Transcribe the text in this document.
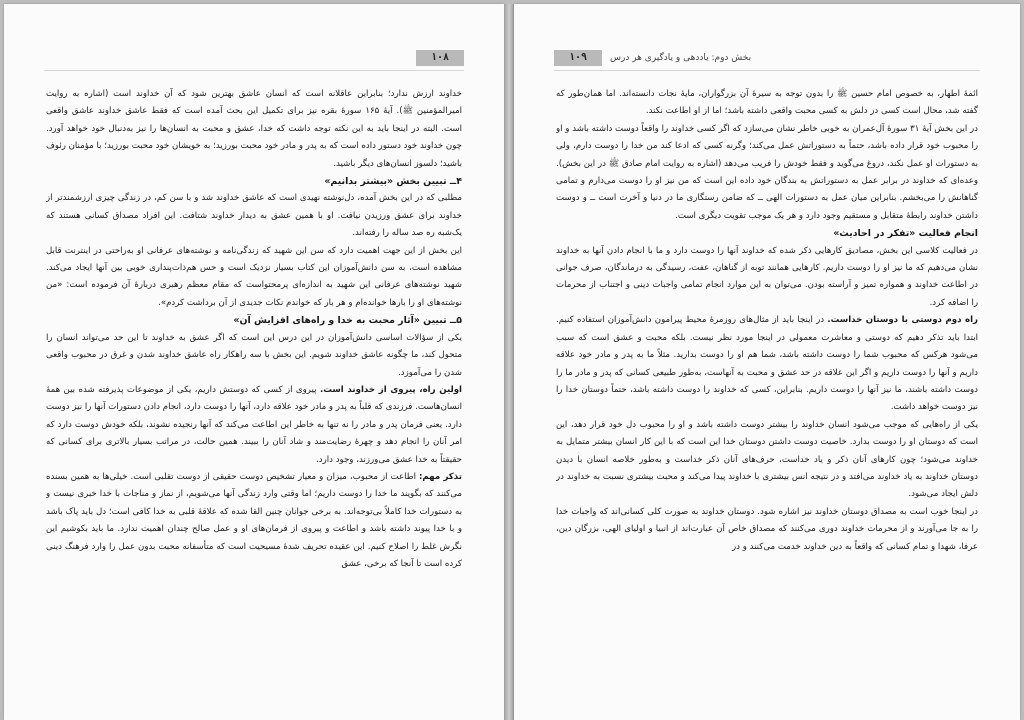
۱۰۸

خداوند ارزش ندارد؛ بنابراین عاقلانه است که انسان عاشق بهترین شود که آن خداوند است (اشاره به روایت امیرالمؤمنین ﷺ). آیهٔ ۱۶۵ سورهٔ بقره نیز برای تکمیل این بحث آمده است که فقط عاشق خداوند عاشق واقعی است. البته در اینجا باید به این نکته توجه داشت که خدا، عشق و محبت به انسان‌ها را نیز به‌دنبال خود خواهد آورد. چون خداوند خود دستور داده است که به پدر و مادر خود محبت بورزید؛ به خویشان خود محبت بورزید؛ با مؤمنان رئوف باشید؛ دلسوز انسان‌های دیگر باشید.

۴ــ تبیین بخش «بیشتر بدانیم»

مطلبی که در این بخش آمده، دل‌نوشته نهیدی است که عاشق خداوند شد و با سن کم، در زندگی چیزی ارزشمندتر از خداوند برای عشق ورزیدن نیافت. او با همین عشق به دیدار خداوند شتافت. این افراد مصداق کسانی هستند که یک‌شبه ره صد ساله را رفته‌اند.

این بخش از این جهت اهمیت دارد که سن این شهید که زندگی‌نامه و نوشته‌های عرفانی او به‌راحتی در اینترنت قابل مشاهده است، به سن دانش‌آموزان این کتاب بسیار نزدیک است و حس هم‌ذات‌پنداری خوبی بین آنها ایجاد می‌کند. شهید نوشته‌های عرفانی این شهید به اندازه‌ای پرمحتواست که مقام معظم رهبری دربارهٔ آن فرموده است: «من نوشته‌های او را بارها خوانده‌ام و هر بار که خواندم نکات جدیدی از آن برداشت کردم».

۵ــ تبیین «آثار محبت به خدا و راه‌های افزایش آن»

یکی از سؤالات اساسی دانش‌آموزان در این درس این است که اگر عشق به خداوند تا این حد می‌تواند انسان را متحول کند، ما چگونه عاشق خداوند شویم. این بخش با سه راهکار راه عاشق خداوند شدن و غرق در محبوب واقعی شدن را می‌آموزد.

اولین راه، پیروی از خداوند است. پیروی از کسی که دوستش داریم، یکی از موضوعات پذیرفته شده بین همهٔ انسان‌هاست. فرزندی که قلباً به پدر و مادر خود علاقه دارد، آنها را دوست دارد، انجام دادن دستورات آنها را نیز دوست دارد. یعنی فرمان پدر و مادر را نه تنها به خاطر این اطاعت می‌کند که آنها رنجیده نشوند، بلکه خودش دوست دارد که امر آنان را انجام دهد و چهرهٔ رضایت‌مند و شاد آنان را ببیند. همین حالت، در مراتب بسیار بالاتری برای کسانی که حقیقتاً به خدا عشق می‌ورزند، وجود دارد.

تذکر مهم: اطاعت از محبوب، میزان و معیار تشخیص دوست حقیقی از دوست تقلبی است. خیلی‌ها به همین بسنده می‌کنند که بگویند ما خدا را دوست داریم؛ اما وقتی وارد زندگی آنها می‌شویم، از نماز و مناجات با خدا خبری نیست و به دستورات خدا کاملاً بی‌توجه‌اند. به برخی جوانان چنین القا شده که علاقهٔ قلبی به خدا کافی است؛ دل باید پاک باشد و با خدا پیوند داشته باشد و اطاعت و پیروی از فرمان‌های او و عمل صالح چندان اهمیت ندارد. ما باید بکوشیم این نگرش غلط را اصلاح کنیم. این عقیده تحریف شدهٔ مسیحیت است که متأسفانه محبت بدون عمل را وارد فرهنگ دینی کرده است تا آنجا که برخی، عشق

۱۰۹	بخش دوم: یاددهی و یادگیری هر درس

ائمهٔ اطهار، به خصوص امام حسین ﷺ را بدون توجه به سیرهٔ آن بزرگواران، مایهٔ نجات دانسته‌اند. اما همان‌طور که گفته شد، محال است کسی در دلش به کسی محبت واقعی داشته باشد؛ اما از او اطاعت نکند.

در این بخش آیهٔ ۳۱ سورهٔ آل‌عمران به خوبی خاطر نشان می‌سازد که اگر کسی خداوند را واقعاً دوست داشته باشد و او را محبوب خود قرار داده باشد، حتماً به دستوراتش عمل می‌کند؛ وگرنه کسی که ادعا کند من خدا را دوست دارم، ولی به دستورات او عمل نکند، دروغ می‌گوید و فقط خودش را فریب می‌دهد (اشاره به روایت امام صادق ﷺ در این بخش). وعده‌ای که خداوند در برابر عمل به دستوراتش به بندگان خود داده این است که من نیز او را دوست می‌دارم و تمامی گناهانش را می‌بخشم. بنابراین میان عمل به دستورات الهی ــ که ضامن رستگاری ما در دنیا و آخرت است ــ و دوست داشتن خداوند رابطهٔ متقابل و مستقیم وجود دارد و هر یک موجب تقویت دیگری است.

انجام فعالیت «تفکر در احادیث»

در فعالیت کلاسی این بخش، مصادیق کارهایی ذکر شده که خداوند آنها را دوست دارد و ما با انجام دادن آنها به خداوند نشان می‌دهیم که ما نیز او را دوست داریم. کارهایی همانند توبه از گناهان، عفت، رسیدگی به درماندگان، صرف جوانی در اطاعت خداوند و همواره تمیز و آراسته بودن. می‌توان به این موارد انجام تمامی واجبات دینی و اجتناب از محرمات را اضافه کرد.

راه دوم دوستی با دوستان خداست. در اینجا باید از مثال‌های روزمرهٔ محیط پیرامون دانش‌آموزان استفاده کنیم. ابتدا باید تذکر دهیم که دوستی و معاشرت معمولی در اینجا مورد نظر نیست. بلکه محبت و عشق است که سبب می‌شود هرکس که محبوب شما را دوست داشته باشد، شما هم او را دوست بدارید. مثلاً ما به پدر و مادر خود علاقه داریم و آنها را دوست داریم و اگر این علاقه در حد عشق و محبت به آنهاست، به‌طور طبیعی کسانی که پدر و مادر ما را دوست داشته باشند، ما نیز آنها را دوست داریم. بنابراین، کسی که خداوند را دوست داشته باشد، حتماً دوستان خدا را نیز دوست خواهد داشت.

یکی از راه‌هایی که موجب می‌شود انسان خداوند را بیشتر دوست داشته باشد و او را محبوب دل خود قرار دهد، این است که دوستان او را دوست بدارد. خاصیت دوست داشتن دوستان خدا این است که با این کار انسان بیشتر متمایل به خداوند می‌شود؛ چون کارهای آنان ذکر و یاد خداست، حرف‌های آنان ذکر خداست و به‌طور خلاصه انسان با دیدن دوستان خداوند به یاد خداوند می‌افتد و در نتیجه انس بیشتری با خداوند پیدا می‌کند و محبت بیشتری نسبت به خداوند در دلش ایجاد می‌شود.

در اینجا خوب است به مصداق دوستان خداوند نیز اشاره شود. دوستان خداوند به صورت کلی کسانی‌اند که واجبات خدا را به جا می‌آورند و از محرمات خداوند دوری می‌کنند که مصداق خاص آن عبارت‌اند از انبیا و اولیای الهی، بزرگان دین، عرفا، شهدا و تمام کسانی که واقعاً به دین خداوند خدمت می‌کنند و در
